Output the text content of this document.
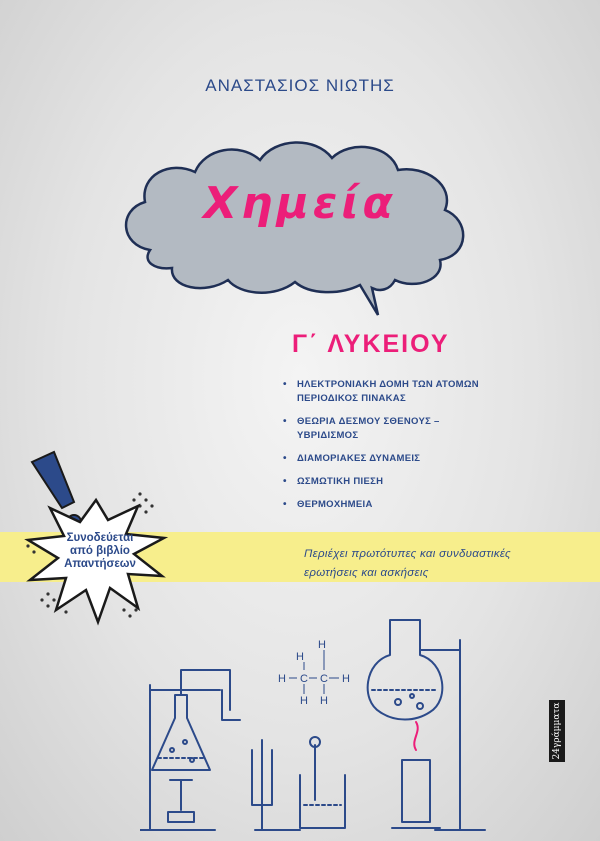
ΑΝΑΣΤΑΣΙΟΣ ΝΙΩΤΗΣ
Χημεία
Γ΄ ΛΥΚΕΙΟΥ
• ΗΛΕΚΤΡΟΝΙΑΚΗ ΔΟΜΗ ΤΩΝ ΑΤΟΜΩΝ
ΠΕΡΙΟΔΙΚΟΣ ΠΙΝΑΚΑΣ
• ΘΕΩΡΙΑ ΔΕΣΜΟΥ ΣΘΕΝΟΥΣ –
ΥΒΡΙΔΙΣΜΟΣ
• ΔΙΑΜΟΡΙΑΚΕΣ ΔΥΝΑΜΕΙΣ
• ΩΣΜΩΤΙΚΗ ΠΙΕΣΗ
• ΘΕΡΜΟΧΗΜΕΙΑ
Περιέχει πρωτότυπες και συνδυαστικές
ερωτήσεις και ασκήσεις
Συνοδεύεται
από βιβλίο
Απαντήσεων
H
H
H C C H
H H
24γράμματα
